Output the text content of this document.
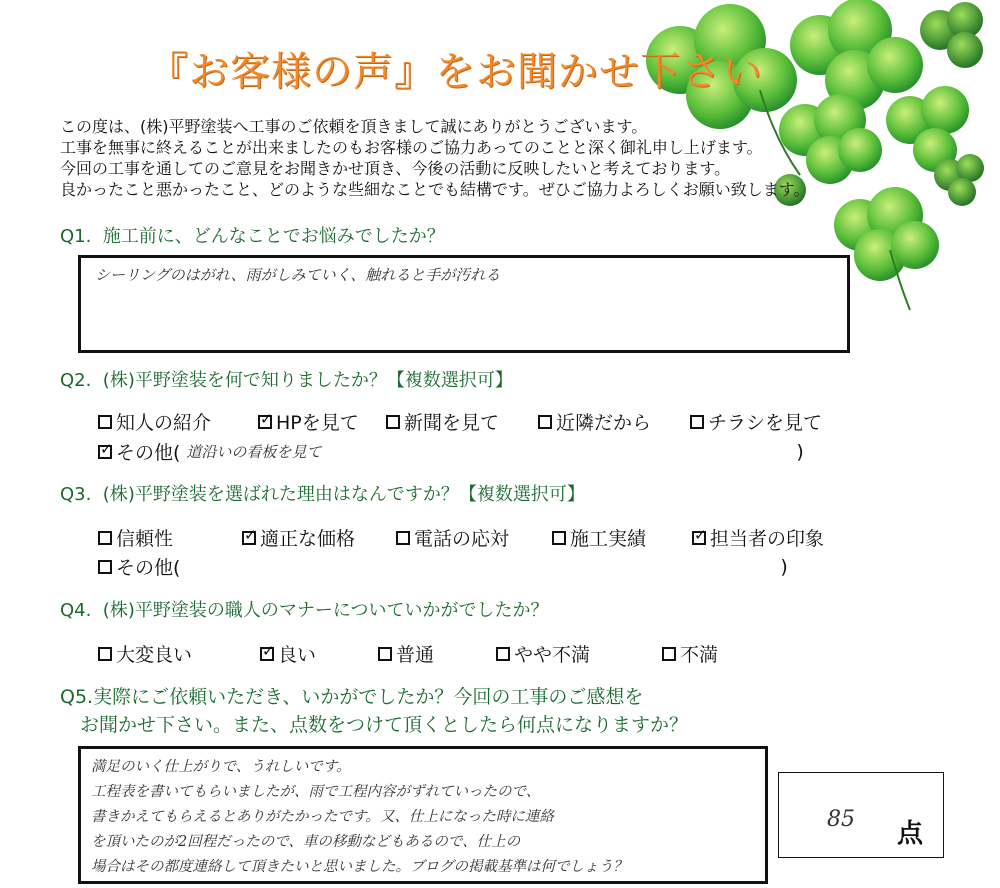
『お客様の声』をお聞かせ下さい
この度は、(株)平野塗装へ工事のご依頼を頂きまして誠にありがとうございます。
工事を無事に終えることが出来ましたのもお客様のご協力あってのことと深く御礼申し上げます。
今回の工事を通してのご意見をお聞きかせ頂き、今後の活動に反映したいと考えております。
良かったこと悪かったこと、どのような些細なことでも結構です。ぜひご協力よろしくお願い致します。
Q1. 施工前に、どんなことでお悩みでしたか？
シーリングのはがれ、雨がしみていく、触れると手が汚れる
Q2. (株)平野塗装を何で知りましたか？【複数選択可】
知人の紹介 ✓	HPを見て 新聞を見て	近隣だから	チラシを見て
✓
その他( 道沿いの看板を見て	)
Q3. (株)平野塗装を選ばれた理由はなんですか？【複数選択可】
信頼性 ✓	適正な価格	電話の応対	施工実績 ✓	担当者の印象
その他(	)
Q4. (株)平野塗装の職人のマナーについていかがでしたか？
大変良い ✓	良い	普通	やや不満	不満
Q5.実際にご依頼いただき、いかがでしたか？今回の工事のご感想を
お聞かせ下さい。また、点数をつけて頂くとしたら何点になりますか？
満足のいく仕上がりで、うれしいです。
工程表を書いてもらいましたが、雨で工程内容がずれていったので、
書きかえてもらえるとありがたかったです。又、仕上になった時に連絡
を頂いたのが2回程だったので、車の移動などもあるので、仕上の
場合はその都度連絡して頂きたいと思いました。ブログの掲載基準は何でしょう？
85 点
